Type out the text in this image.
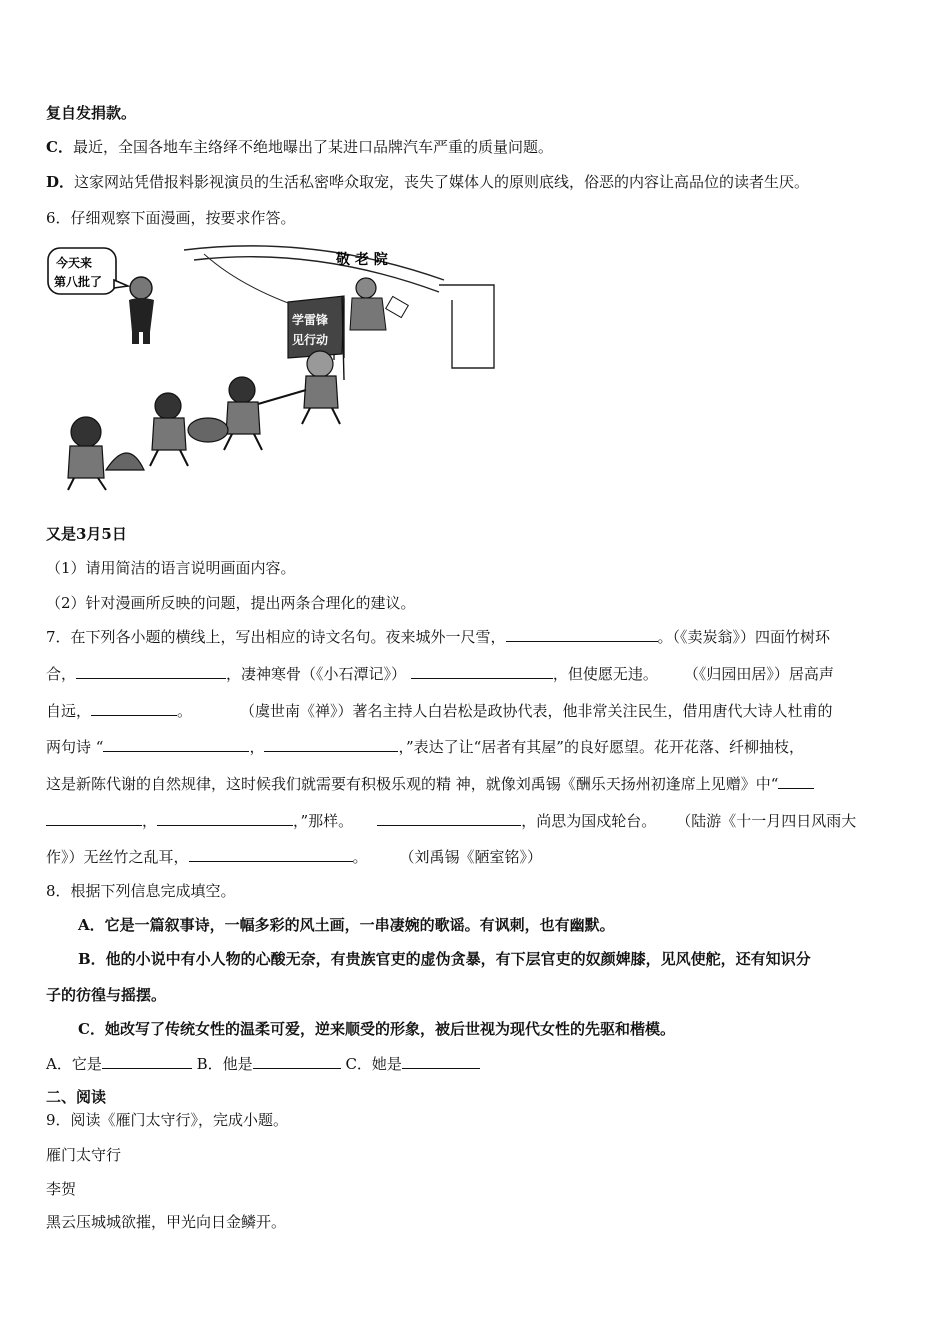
复自发捐款。
C．最近，全国各地车主络绎不绝地曝出了某进口品牌汽车严重的质量问题。
D．这家网站凭借报料影视演员的生活私密哗众取宠，丧失了媒体人的原则底线，俗恶的内容让高品位的读者生厌。
6．仔细观察下面漫画，按要求作答。
今天来
第八批了
敬 老 院
学雷锋
见行动
又是3月5日
（1）请用简洁的语言说明画面内容。
（2）针对漫画所反映的问题，提出两条合理化的建议。
7．在下列各小题的横线上，写出相应的诗文名句。夜来城外一尺雪，	。（《卖炭翁》）四面竹树环
合，	，凄神寒骨（《小石潭记》）	，但使愿无违。 （《归园田居》）居高声
自远，	。	（虞世南《禅》）著名主持人白岩松是政协代表，他非常关注民生，借用唐代大诗人杜甫的
两句诗 “	，	，”表达了让“居者有其屋”的良好愿望。花开花落、纤柳抽枝，
这是新陈代谢的自然规律，这时候我们就需要有积极乐观的精 神，就像刘禹锡《酬乐天扬州初逢席上见赠》中“
，	，”那样。	，尚思为国戍轮台。 （陆游《十一月四日风雨大
作》）无丝竹之乱耳，	。 （刘禹锡《陋室铭》）
8．根据下列信息完成填空。
A．它是一篇叙事诗，一幅多彩的风土画，一串凄婉的歌谣。有讽刺，也有幽默。
B．他的小说中有小人物的心酸无奈，有贵族官吏的虚伪贪暴，有下层官吏的奴颜婢膝，见风使舵，还有知识分
子的彷徨与摇摆。
C．她改写了传统女性的温柔可爱，逆来顺受的形象，被后世视为现代女性的先驱和楷模。
A．它是	B．他是	C．她是
二、阅读
9．阅读《雁门太守行》，完成小题。
雁门太守行
李贺
黑云压城城欲摧，甲光向日金鳞开。
